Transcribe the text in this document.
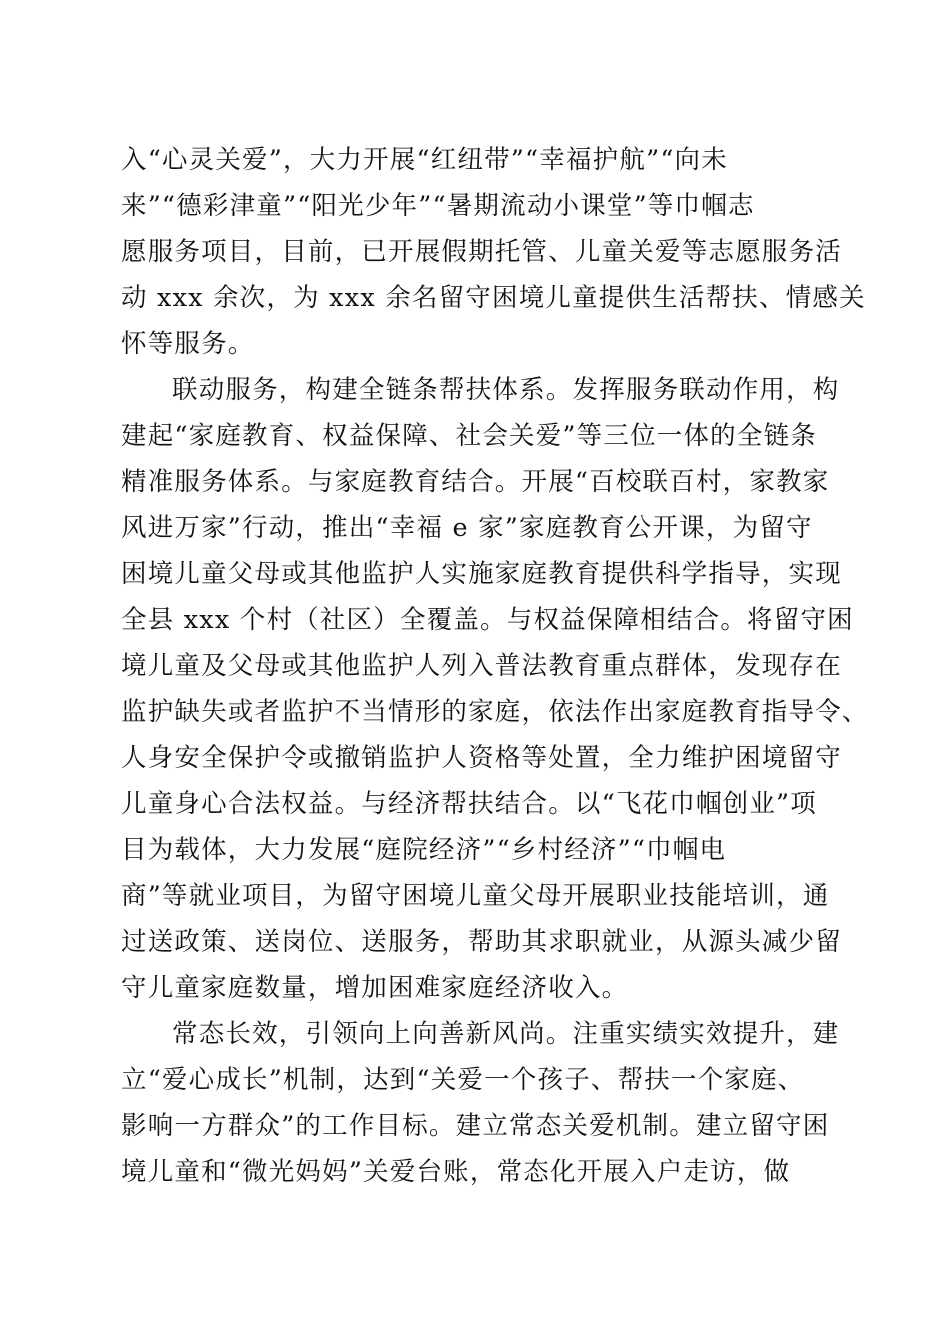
入“心灵关爱”，大力开展“红纽带”“幸福护航”“向未
来”“德彩津童”“阳光少年”“暑期流动小课堂”等巾帼志
愿服务项目，目前，已开展假期托管、儿童关爱等志愿服务活
动 xxx 余次，为 xxx 余名留守困境儿童提供生活帮扶、情感关
怀等服务。
联动服务，构建全链条帮扶体系。发挥服务联动作用，构
建起“家庭教育、权益保障、社会关爱”等三位一体的全链条
精准服务体系。与家庭教育结合。开展“百校联百村，家教家
风进万家”行动，推出“幸福 e 家”家庭教育公开课，为留守
困境儿童父母或其他监护人实施家庭教育提供科学指导，实现
全县 xxx 个村（社区）全覆盖。与权益保障相结合。将留守困
境儿童及父母或其他监护人列入普法教育重点群体，发现存在
监护缺失或者监护不当情形的家庭，依法作出家庭教育指导令、
人身安全保护令或撤销监护人资格等处置，全力维护困境留守
儿童身心合法权益。与经济帮扶结合。以“飞花巾帼创业”项
目为载体，大力发展“庭院经济”“乡村经济”“巾帼电
商”等就业项目，为留守困境儿童父母开展职业技能培训，通
过送政策、送岗位、送服务，帮助其求职就业，从源头减少留
守儿童家庭数量，增加困难家庭经济收入。
常态长效，引领向上向善新风尚。注重实绩实效提升，建
立“爱心成长”机制，达到“关爱一个孩子、帮扶一个家庭、
影响一方群众”的工作目标。建立常态关爱机制。建立留守困
境儿童和“微光妈妈”关爱台账，常态化开展入户走访，做
